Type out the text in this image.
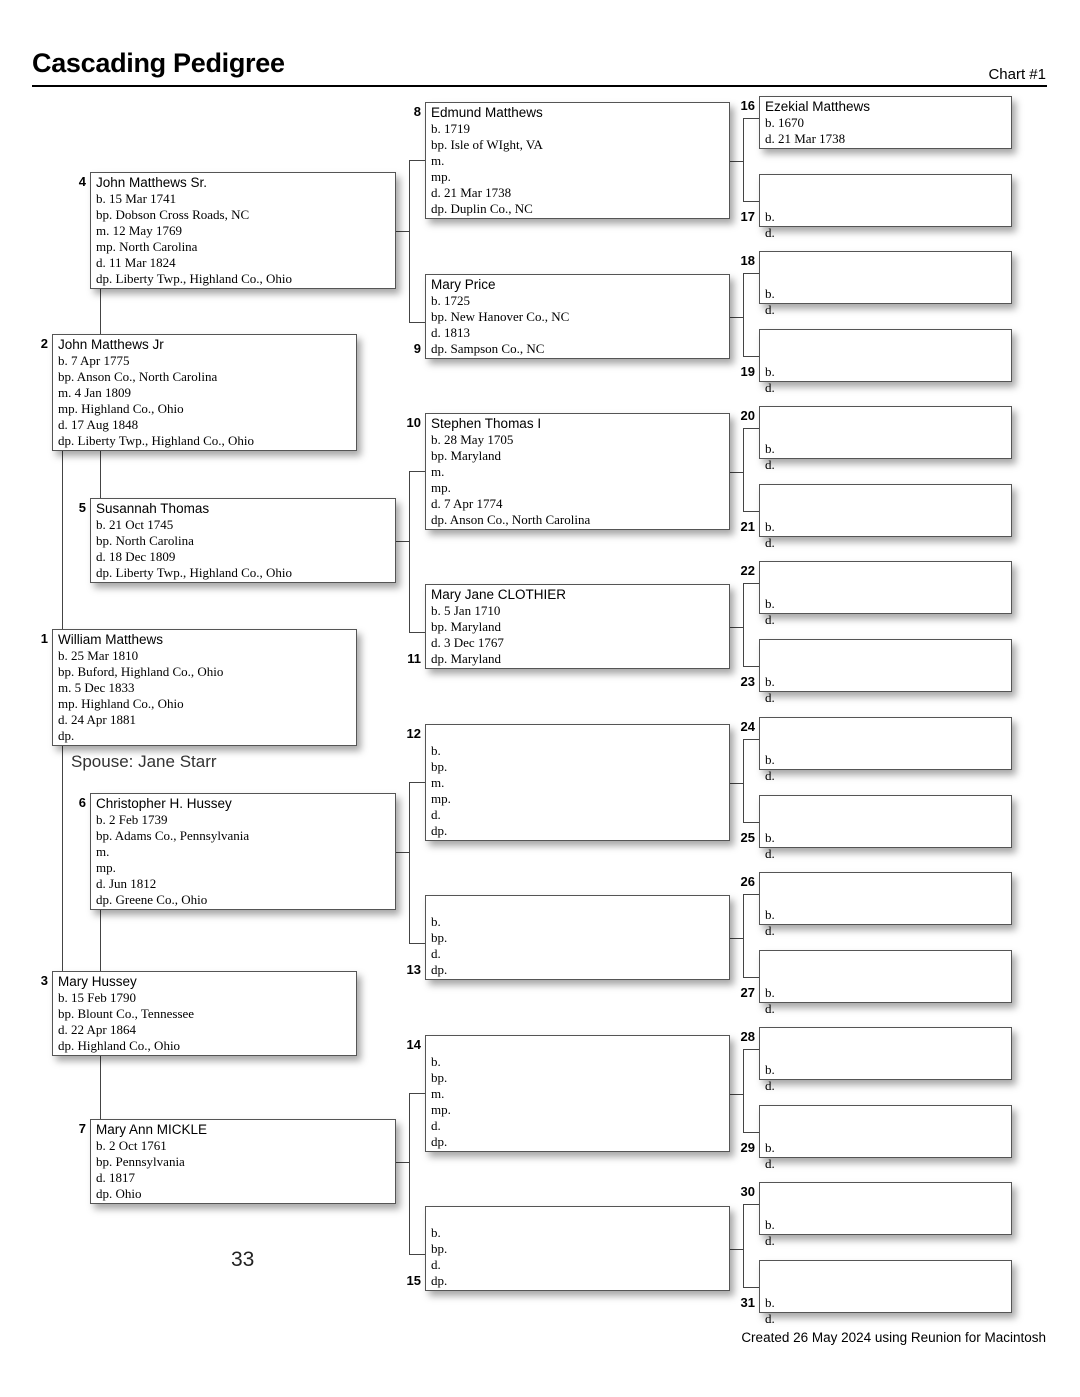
Cascading Pedigree	Chart #1
William Matthews
b. 25 Mar 1810
bp. Buford, Highland Co., Ohio
m. 5 Dec 1833
mp. Highland Co., Ohio
d. 24 Apr 1881
dp.
1
John Matthews Jr
b. 7 Apr 1775
bp. Anson Co., North Carolina
m. 4 Jan 1809
mp. Highland Co., Ohio
d. 17 Aug 1848
dp. Liberty Twp., Highland Co., Ohio
2
Mary Hussey
b. 15 Feb 1790
bp. Blount Co., Tennessee
d. 22 Apr 1864
dp. Highland Co., Ohio
3
John Matthews Sr.
b. 15 Mar 1741
bp. Dobson Cross Roads, NC
m. 12 May 1769
mp. North Carolina
d. 11 Mar 1824
dp. Liberty Twp., Highland Co., Ohio
4
Susannah Thomas
b. 21 Oct 1745
bp. North Carolina
d. 18 Dec 1809
dp. Liberty Twp., Highland Co., Ohio
5
Christopher H. Hussey
b. 2 Feb 1739
bp. Adams Co., Pennsylvania
m.
mp.
d. Jun 1812
dp. Greene Co., Ohio
6
Mary Ann MICKLE
b. 2 Oct 1761
bp. Pennsylvania
d. 1817
dp. Ohio
7
Edmund Matthews
b. 1719
bp. Isle of WIght, VA
m.
mp.
d. 21 Mar 1738
dp. Duplin Co., NC
8
Mary Price
b. 1725
bp. New Hanover Co., NC
d. 1813
dp. Sampson Co., NC
9
Stephen Thomas I
b. 28 May 1705
bp. Maryland
m.
mp.
d. 7 Apr 1774
dp. Anson Co., North Carolina
10
Mary Jane CLOTHIER
b. 5 Jan 1710
bp. Maryland
d. 3 Dec 1767
dp. Maryland
11
b.
bp.
m.
mp.
d.
dp.
12
b.
bp.
d.
dp.
13
b.
bp.
m.
mp.
d.
dp.
14
b.
bp.
d.
dp.
15
Ezekial Matthews
b. 1670
d. 21 Mar 1738
16
b.
d.
17
b.
d.
18
b.
d.
19
b.
d.
20
b.
d.
21
b.
d.
22
b.
d.
23
b.
d.
24
b.
d.
25
b.
d.
26
b.
d.
27
b.
d.
28
b.
d.
29
b.
d.
30
b.
d.
31
Spouse: Jane Starr
33
Created 26 May 2024 using Reunion for Macintosh
